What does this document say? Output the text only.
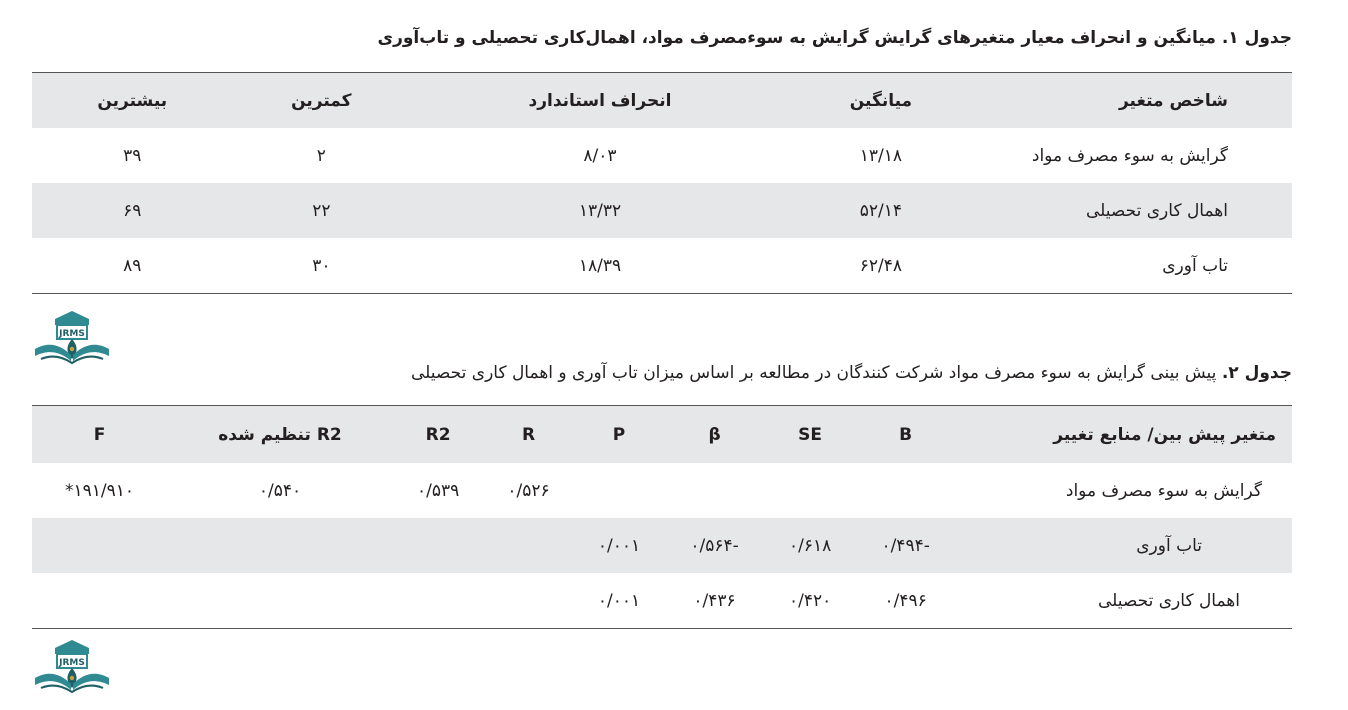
جدول ۱. میانگین و انحراف معیار متغیرهای گرایش گرایش به سوءمصرف مواد، اهمال‌کاری تحصیلی و تاب‌آوری
شاخص متغیر	میانگین	انحراف استاندارد	کمترین	بیشترین
گرایش به سوء مصرف مواد	۱۳/۱۸	۸/۰۳	۲	۳۹
اهمال کاری تحصیلی	۵۲/۱۴	۱۳/۳۲	۲۲	۶۹
تاب آوری	۶۲/۴۸	۱۸/۳۹	۳۰	۸۹
JRMS
جدول ۲. پیش بینی گرایش به سوء مصرف مواد شرکت کنندگان در مطالعه بر اساس میزان تاب آوری و اهمال کاری تحصیلی
متغیر پیش بین/ منابع تغییر	B	SE	β	P	R	R2	R2 تنظیم شده	F
گرایش به سوء مصرف مواد					۰/۵۲۶	۰/۵۳۹	۰/۵۴۰	۱۹۱/۹۱۰*
تاب آوری	-۰/۴۹۴	۰/۶۱۸	-۰/۵۶۴	۰/۰۰۱				
اهمال کاری تحصیلی	۰/۴۹۶	۰/۴۲۰	۰/۴۳۶	۰/۰۰۱				
JRMS
